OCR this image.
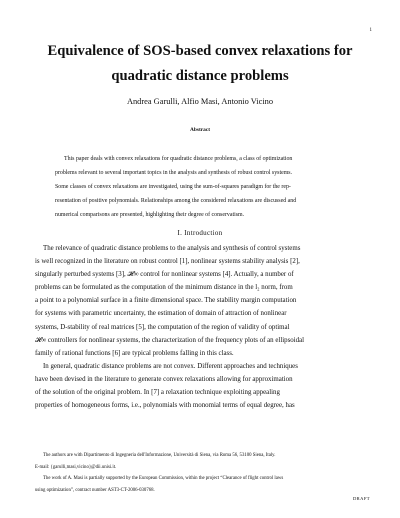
1
Equivalence of SOS-based convex relaxations for
quadratic distance problems
Andrea Garulli, Alfio Masi, Antonio Vicino
Abstract
This paper deals with convex relaxations for quadratic distance problems, a class of optimization
problems relevant to several important topics in the analysis and synthesis of robust control systems.
Some classes of convex relaxations are investigated, using the sum-of-squares paradigm for the rep-
resentation of positive polynomials. Relationships among the considered relaxations are discussed and
numerical comparisons are presented, highlighting their degree of conservatism.
I. Introduction
The relevance of quadratic distance problems to the analysis and synthesis of control systems
is well recognized in the literature on robust control [1], nonlinear systems stability analysis [2],
singularly perturbed systems [3], 𝓗∞ control for nonlinear systems [4]. Actually, a number of
problems can be formulated as the computation of the minimum distance in the l₂ norm, from
a point to a polynomial surface in a finite dimensional space. The stability margin computation
for systems with parametric uncertainty, the estimation of domain of attraction of nonlinear
systems, D-stability of real matrices [5], the computation of the region of validity of optimal
𝓗∞ controllers for nonlinear systems, the characterization of the frequency plots of an ellipsoidal
family of rational functions [6] are typical problems falling in this class.
In general, quadratic distance problems are not convex. Different approaches and techniques
have been devised in the literature to generate convex relaxations allowing for approximation
of the solution of the original problem. In [7] a relaxation technique exploiting appealing
properties of homogeneous forms, i.e., polynomials with monomial terms of equal degree, has
The authors are with Dipartimento di Ingegneria dell'Informazione, Università di Siena, via Roma 56, 53100 Siena, Italy.
E-mail: {garulli,masi,vicino}@dii.unisi.it.
The work of A. Masi is partially supported by the European Commission, within the project “Clearance of flight control laws
using optimization”, contract number AST3-CT-2006-030768.
DRAFT
